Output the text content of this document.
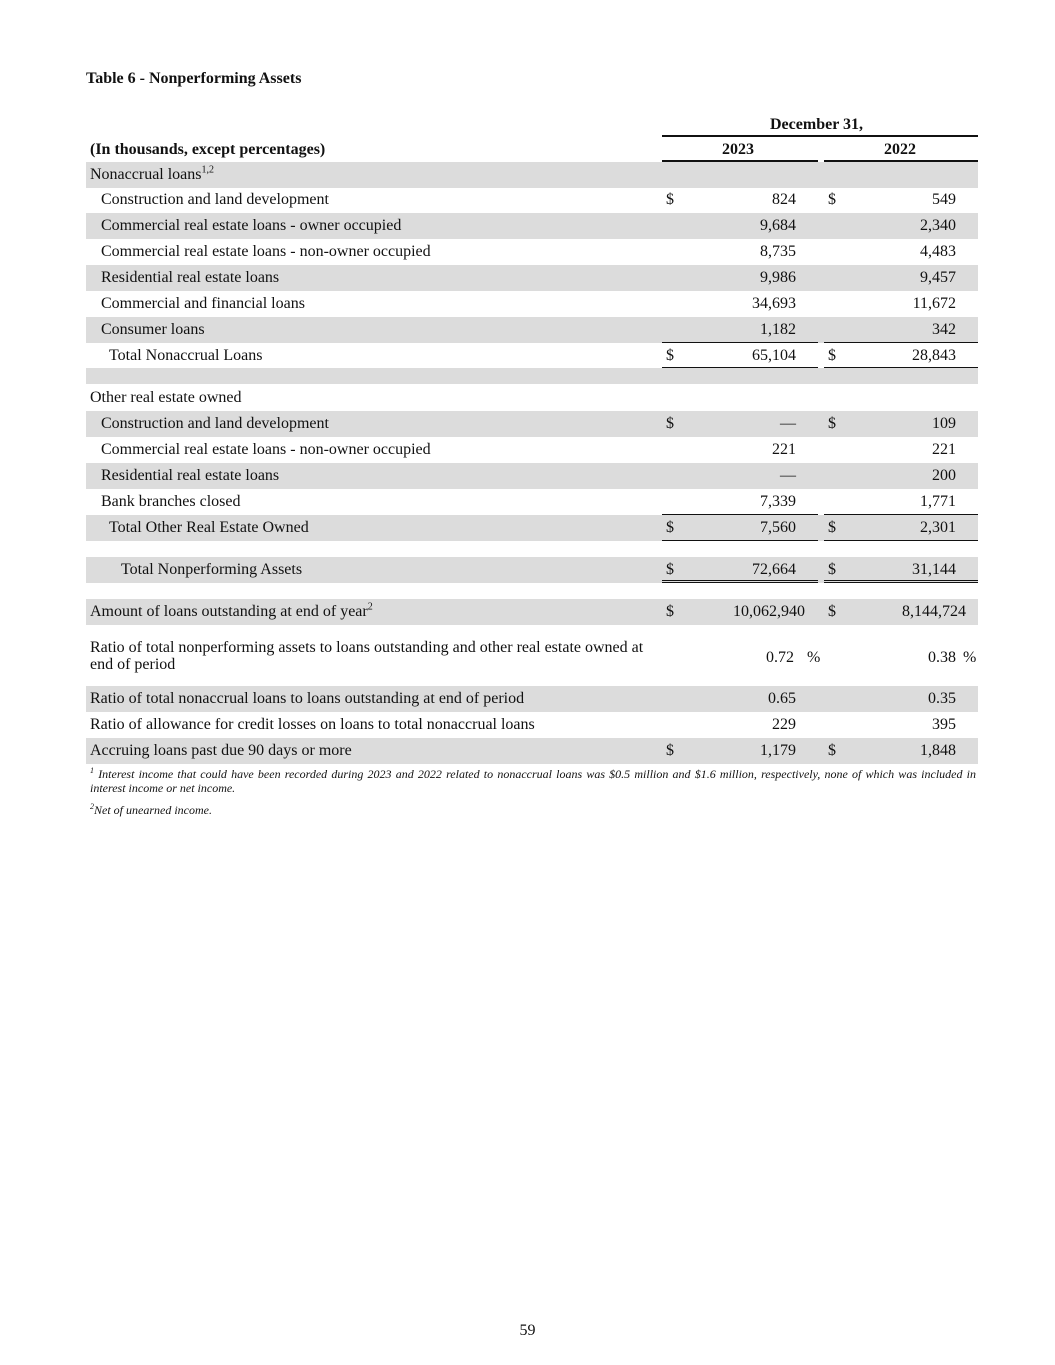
Table 6 - Nonperforming Assets
December 31,
(In thousands, except percentages)	2023	2022
Nonaccrual loans$^{1,2}$
Construction and land development	$	824 $	549
Commercial real estate loans - owner occupied	9,684	2,340
Commercial real estate loans - non-owner occupied	8,735	4,483
Residential real estate loans	9,986	9,457
Commercial and financial loans	34,693	11,672
Consumer loans	1,182	342
Total Nonaccrual Loans	$	65,104 $	28,843
Other real estate owned
Construction and land development	$	— $	109
Commercial real estate loans - non-owner occupied	221	221
Residential real estate loans	—	200
Bank branches closed	7,339	1,771
Total Other Real Estate Owned	$	7,560 $	2,301
Total Nonperforming Assets	$	72,664 $	31,144
Amount of loans outstanding at end of year$^2$	$	10,062,940 $	8,144,724
Ratio of total nonperforming assets to loans outstanding and other real estate owned at end of period	0.72 %	0.38 %
Ratio of total nonaccrual loans to loans outstanding at end of period	0.65	0.35
Ratio of allowance for credit losses on loans to total nonaccrual loans	229	395
Accruing loans past due 90 days or more	$	1,179 $	1,848
$^1$ Interest income that could have been recorded during 2023 and 2022 related to nonaccrual loans was $0.5 million and $1.6 million, respectively, none of which was included in interest income or net income.
$^2$Net of unearned income.
59
